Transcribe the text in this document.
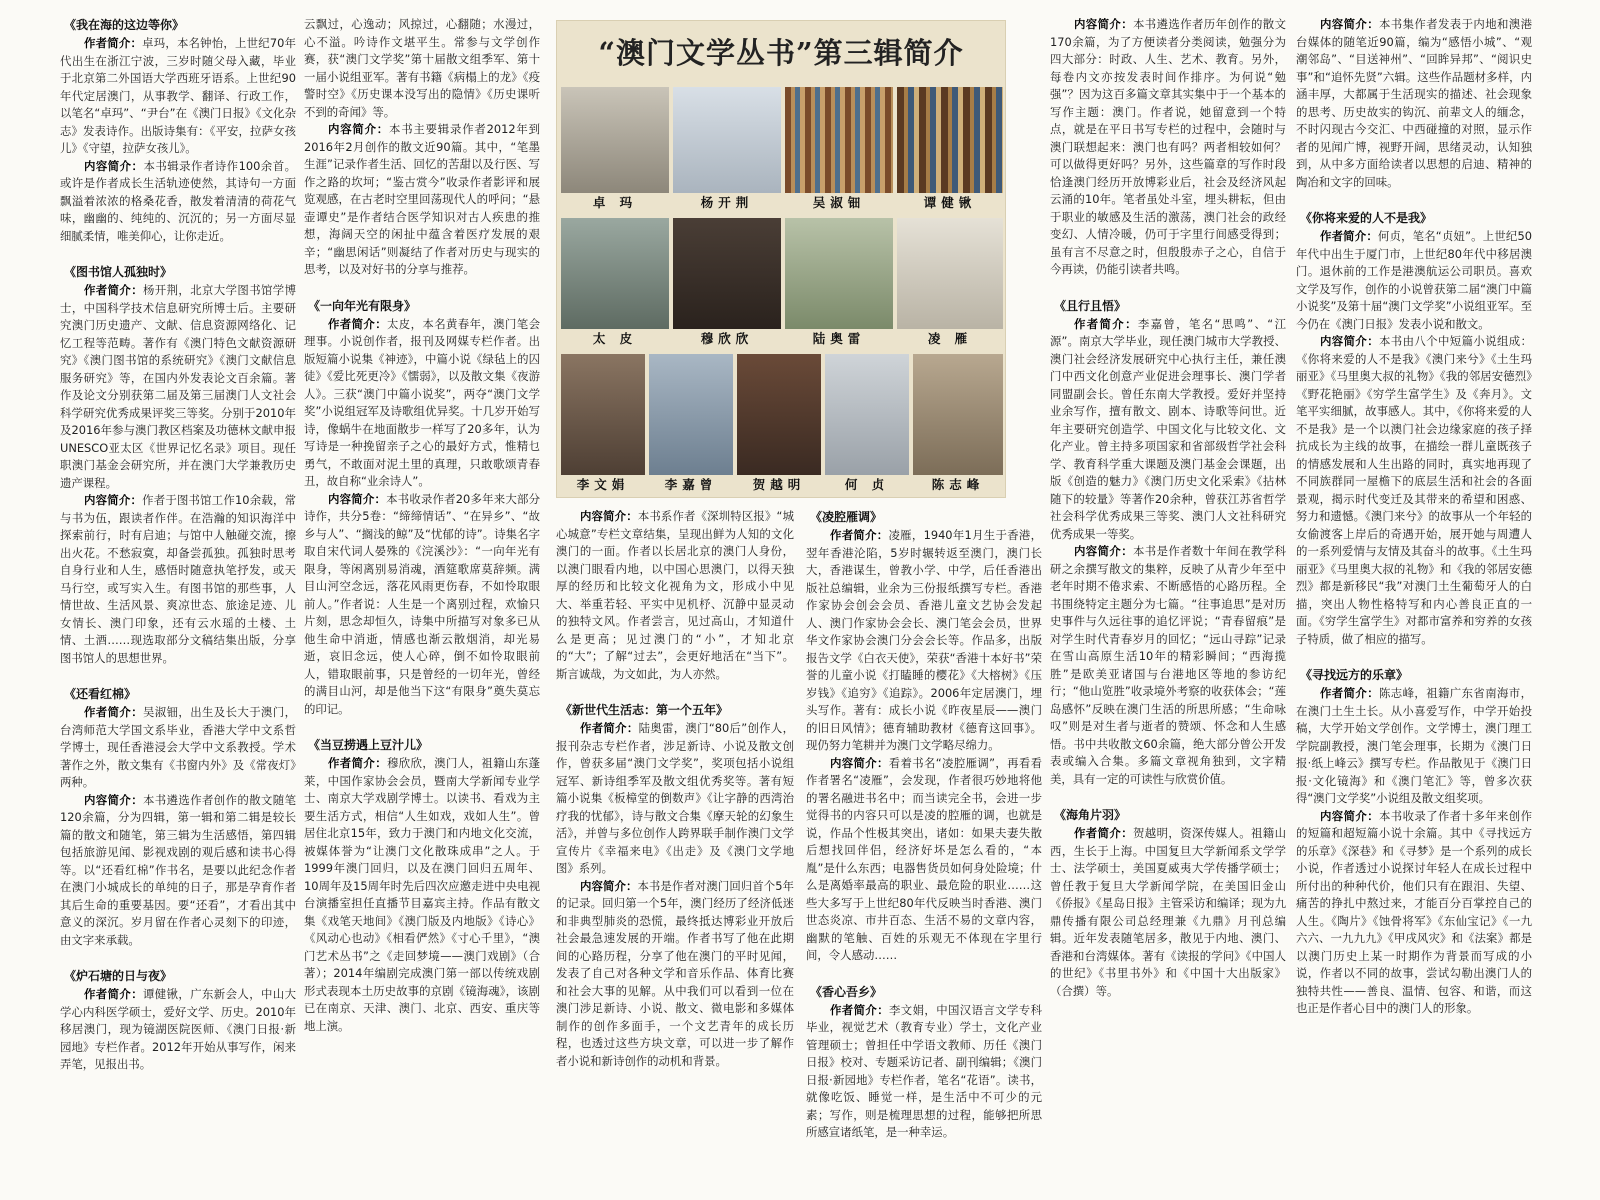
《我在海的这边等你》

作者简介：卓玛，本名钟怡，上世纪70年代出生在浙江宁波，三岁时随父母入藏，毕业于北京第二外国语大学西班牙语系。上世纪90年代定居澳门，从事教学、翻译、行政工作，以笔名“卓玛”、“尹台”在《澳门日报》《文化杂志》发表诗作。出版诗集有：《平安，拉萨女孩儿》《守望，拉萨女孩儿》。

内容简介：本书辑录作者诗作100余首。或许是作者成长生活轨迹使然，其诗句一方面飘溢着浓浓的格桑花香，散发着清清的荷花气味，幽幽的、纯纯的、沉沉的；另一方面尽显细腻柔情，唯美仰心，让你走近。

《图书馆人孤独时》

作者简介：杨开荆，北京大学图书馆学博士，中国科学技术信息研究所博士后。主要研究澳门历史遗产、文献、信息资源网络化、记忆工程等范畴。著作有《澳门特色文献资源研究》《澳门图书馆的系统研究》《澳门文献信息服务研究》等，在国内外发表论文百余篇。著作及论文分别获第二届及第三届澳门人文社会科学研究优秀成果评奖三等奖。分别于2010年及2016年参与澳门教区档案及功德林文献申报UNESCO亚太区《世界记忆名录》项目。现任职澳门基金会研究所，并在澳门大学兼教历史遗产课程。

内容简介：作者于图书馆工作10余载，常与书为伍，跟读者作伴。在浩瀚的知识海洋中探索前行，时有启迪；与馆中人触碰交流，擦出火花。不愁寂寞，却备尝孤独。孤独时思考自身行业和人生，感悟时随意执笔抒发，或天马行空，或写实入生。有图书馆的那些事，人情世故、生活风景、爽凉世态、旅途足迹、儿女情长、澳门印象，还有云水瑶的土楼、土情、土酒……现选取部分文稿结集出版，分享图书馆人的思想世界。

《还看红棉》

作者简介：吴淑钿，出生及长大于澳门，台湾师范大学国文系毕业，香港大学中文系哲学博士，现任香港浸会大学中文系教授。学术著作之外，散文集有《书窗内外》及《常夜灯》两种。

内容简介：本书遴选作者创作的散文随笔120余篇，分为四辑，第一辑和第二辑是较长篇的散文和随笔，第三辑为生活感悟，第四辑包括旅游见闻、影视戏剧的观后感和读书心得等。以“还看红棉”作书名，是要以此纪念作者在澳门小城成长的单纯的日子，那是孕育作者其后生命的重要基因。要“还看”，才看出其中意义的深沉。岁月留在作者心灵刻下的印迹，由文字来承载。

《炉石塘的日与夜》

作者简介：谭健锹，广东新会人，中山大学心内科医学硕士，爱好文学、历史。2010年移居澳门，现为镜湖医院医师、《澳门日报·新园地》专栏作者。2012年开始从事写作，闲来弄笔，见报出书。

云飘过，心逸动；风掠过，心翻随；水漫过，心不溢。吟诗作文堪平生。常参与文学创作赛，获“澳门文学奖”第十届散文组季军、第十一届小说组亚军。著有书籍《病榻上的龙》《疫警时空》《历史课本没写出的隐情》《历史课听不到的奇闻》等。

内容简介：本书主要辑录作者2012年到2016年2月创作的散文近90篇。其中，“笔墨生涯”记录作者生活、回忆的苦甜以及行医、写作之路的坎坷；“鉴古赏今”收录作者影评和展览观感，在古老时空里回荡现代人的呼问；“悬壶谭史”是作者结合医学知识对古人疾患的推想，海阔天空的闲扯中蕴含着医疗发展的艰辛；“幽思闲话”则凝结了作者对历史与现实的思考，以及对好书的分享与推荐。

《一向年光有限身》

作者简介：太皮，本名黄春年，澳门笔会理事。小说创作者，报刊及网媒专栏作者。出版短篇小说集《神迹》，中篇小说《绿毡上的囚徒》《爱比死更冷》《懦弱》，以及散文集《夜游人》。三获“澳门中篇小说奖”，两夺“澳门文学奖”小说组冠军及诗歌组优异奖。十几岁开始写诗，像蜗牛在地面散步一样写了20多年，认为写诗是一种挽留亲子之心的最好方式，惟精乜勇气，不敢面对泥土里的真理，只敢歌颂青春丑，故自称“业余诗人”。

内容简介：本书收录作者20多年来大部分诗作，共分5卷：“缔缔情话”、“在异乡”、“故乡与人”、“搁浅的鲸”及“忧郁的诗”。诗集名字取自宋代词人晏殊的《浣溪沙》：“一向年光有限身，等闲离别易消魂，酒筵歌席莫辞频。满目山河空念远，落花风雨更伤春，不如怜取眼前人。”作者说：人生是一个离别过程，欢愉只片刻，思念却恒久，诗集中所描写对象多已从他生命中消逝，情感也渐云散烟消，却光易逝，哀旧念远，使人心碎，倒不如怜取眼前人，错取眼前事，只是曾经的一切年光，曾经的满目山河，却是他当下这“有限身”奠失莫忘的印记。

《当豆捞遇上豆汁儿》

作者简介：穆欣欣，澳门人，祖籍山东蓬莱，中国作家协会会员，暨南大学新闻专业学士、南京大学戏剧学博士。以读书、看戏为主要生活方式，相信“人生如戏，戏如人生”。曾居住北京15年，致力于澳门和内地文化交流，被媒体誉为“让澳门文化散珠成串”之人。于1999年澳门回归，以及在澳门回归五周年、10周年及15周年时先后四次应邀走进中央电视台演播室担任直播节目嘉宾主持。作品有散文集《戏笔天地间》《澳门版及内地版》《诗心》《风动心也动》《相看俨然》《寸心千里》，“澳门艺术丛书”之《走回梦境——澳门戏剧》（合著）；2014年编剧完成澳门第一部以传统戏剧形式表现本土历史故事的京剧《镜海魂》，该剧已在南京、天津、澳门、北京、西安、重庆等地上演。

“澳门文学丛书”第三辑简介
卓 玛	杨开荆	吴淑钿	谭健锹
太 皮	穆欣欣	陆奥雷	凌 雁
李文娟	李嘉曾	贺越明	何 贞	陈志峰

内容简介：本书系作者《深圳特区报》“城心城意”专栏文章结集，呈现出鲜为人知的文化澳门的一面。作者以长居北京的澳门人身份，以澳门眼看内地，以中国心思澳门，以得天独厚的经历和比较文化视角为文，形成小中见大、举重若轻、平实中见机杼、沉静中显灵动的独特文风。作者尝言，见过高山，才知道什么是更高；见过澳门的“小”，才知北京的“大”；了解“过去”，会更好地活在“当下”。斯言诚哉，为文如此，为人亦然。

《新世代生活志：第一个五年》

作者简介：陆奥雷，澳门“80后”创作人，报刊杂志专栏作者，涉足新诗、小说及散文创作，曾获多届“澳门文学奖”，奖项包括小说组冠军、新诗组季军及散文组优秀奖等。著有短篇小说集《板樟堂的倒数声》《让字静的西湾治疗我的忧郁》，诗与散文合集《摩天轮的幻象生活》，并曾与多位创作人跨界联手制作澳门文学宣传片《幸福来电》《出走》及《澳门文学地图》系列。

内容简介：本书是作者对澳门回归首个5年的记录。回归第一个5年，澳门经历了经济低迷和非典型肺炎的恐慌，最终抵达博彩业开放后社会最急速发展的开端。作者书写了他在此期间的心路历程，分享了他在澳门的平时见闻，发表了自己对各种文学和音乐作品、体育比赛和社会大事的见解。从中我们可以看到一位在澳门涉足新诗、小说、散文、微电影和多媒体制作的创作多面手，一个文艺青年的成长历程，也透过这些方块文章，可以进一步了解作者小说和新诗创作的动机和背景。

《凌腔雁调》

作者简介：凌雁，1940年1月生于香港，翌年香港沦陷，5岁时辗转返至澳门，澳门长大，香港谋生，曾教小学、中学，后任香港出版社总编辑，业余为三份报纸撰写专栏。香港作家协会创会会员、香港儿童文艺协会发起人、澳门作家协会会长、澳门笔会会员，世界华文作家协会澳门分会会长等。作品多，出版报告文学《白衣天使》，荣获“香港十本好书”荣誉的儿童小说《打瞌睡的樱花》《大榕树》《压岁钱》《追穷》《追踪》。2006年定居澳门，埋头写作。著有：成长小说《昨夜星辰——澳门的旧日风情》；德育辅助教材《德育这回事》。现仍努力笔耕并为澳门文学略尽绵力。

内容简介：看着书名“凌腔雁调”，再看看作者署名“凌雁”，会发现，作者很巧妙地将他的署名融进书名中；而当读完全书，会进一步觉得书的内容只可以是凌的腔雁的调，也就是说，作品个性极其突出，诸如：如果夫妻失散后想找回伴侣，经济好坏是怎么看的，“本胤”是什么东西；电器售货员如何身处险境；什么是离婚率最高的职业、最危险的职业……这些大多写于上世纪80年代反映当时香港、澳门世态炎凉、市井百态、生活不易的文章内容，幽默的笔触、百姓的乐观无不体现在字里行间，令人感动……

《香心吾乡》

作者简介：李文娟，中国汉语言文学专科毕业，视觉艺术（教育专业）学士，文化产业管理硕士；曾担任中学语文教师、历任《澳门日报》校对、专题采访记者、副刊编辑；《澳门日报·新园地》专栏作者，笔名“花语”。读书，就像吃饭、睡觉一样，是生活中不可少的元素；写作，则是梳理思想的过程，能够把所思所感宣诸纸笔，是一种幸运。

内容简介：本书遴选作者历年创作的散文170余篇，为了方便读者分类阅读，勉强分为四大部分：时政、人生、艺术、教育。另外，每卷内文亦按发表时间作排序。为何说“勉强”？因为这百多篇文章其实集中于一个基本的写作主题：澳门。作者说，她留意到一个特点，就是在平日书写专栏的过程中，会随时与澳门联想起来：澳门也有吗？两者相较如何？可以做得更好吗？另外，这些篇章的写作时段恰逢澳门经历开放博彩业后，社会及经济风起云涌的10年。笔者虽处斗室，埋头耕耘，但由于职业的敏感及生活的激荡，澳门社会的政经变幻、人情冷暖，仍可于字里行间感受得到；虽有言不尽意之时，但殷殷赤子之心，自信于今再读，仍能引读者共鸣。

《且行且悟》

作者简介：李嘉曾，笔名“思鸣”、“江源”。南京大学毕业，现任澳门城市大学教授、澳门社会经济发展研究中心执行主任，兼任澳门中西文化创意产业促进会理事长、澳门学者同盟副会长。曾任东南大学教授。爱好并坚持业余写作，擅有散文、剧本、诗歌等问世。近年主要研究创造学、中国文化与比较文化、文化产业。曾主持多项国家和省部级哲学社会科学、教育科学重大课题及澳门基金会课题，出版《创造的魅力》《澳门历史文化采索》《拈林随下的较量》等著作20余种，曾获江苏省哲学社会科学优秀成果三等奖、澳门人文社科研究优秀成果一等奖。

内容简介：本书是作者数十年间在教学科研之余撰写散文的集粹，反映了从青少年至中老年时期不倦求索、不断感悟的心路历程。全书围绕特定主题分为七篇。“往事追思”是对历史事件与久远往事的追忆评说；“青春留痕”是对学生时代青春岁月的回忆；“远山寻踪”记录在雪山高原生活10年的精彩瞬间；“西海揽胜”是欧美亚诸国与台港地区等地的参访纪行；“他山览胜”收录境外考察的收获体会；“莲岛感怀”反映在澳门生活的所思所感；“生命咏叹”则是对生者与逝者的赞颂、怀念和人生感悟。书中共收散文60余篇，绝大部分曾公开发表或编入合集。多篇文章视角独到，文字精美，具有一定的可读性与欣赏价值。

《海角片羽》

作者简介：贺越明，资深传媒人。祖籍山西，生长于上海。中国复旦大学新闻系文学学士、法学硕士，美国夏威夷大学传播学硕士；曾任教于复旦大学新闻学院，在美国旧金山《侨报》《星岛日报》主管采访和编译；现为九鼎传播有限公司总经理兼《九鼎》月刊总编辑。近年发表随笔居多，散见于内地、澳门、香港和台湾媒体。著有《读报的学问》《中国人的世纪》《书里书外》和《中国十大出版家》（合撰）等。

内容简介：本书集作者发表于内地和澳港台媒体的随笔近90篇，编为“感悟小城”、“观潮邻岛”、“目送神州”、“回眸异邦”、“阅识史事”和“追怀先贤”六辑。这些作品题材多样，内涵丰厚，大都属于生活现实的描述、社会现象的思考、历史故实的钩沉、前辈文人的缅念，不时闪现古今交汇、中西碰撞的对照，显示作者的见闻广博，视野开阔，思绪灵动，认知独到，从中多方面给读者以思想的启迪、精神的陶冶和文字的回味。

《你将来爱的人不是我》

作者简介：何贞，笔名“贞妞”。上世纪50年代中出生于厦门市，上世纪80年代中移居澳门。退休前的工作是港澳航运公司职员。喜欢文学及写作，创作的小说曾获第二届“澳门中篇小说奖”及第十届“澳门文学奖”小说组亚军。至今仍在《澳门日报》发表小说和散文。

内容简介：本书由八个中短篇小说组成：《你将来爱的人不是我》《澳门来兮》《土生玛丽亚》《马里奥大叔的礼物》《我的邻居安德烈》《野花艳丽》《穷学生富学生》及《奔月》。文笔平实细腻，故事感人。其中，《你将来爱的人不是我》是一个以澳门社会边缘家庭的孩子择抗成长为主线的故事，在描绘一群儿童既孩子的情感发展和人生出路的同时，真实地再现了不同族群同一屋檐下的底层生活和社会的各面景观，揭示时代变迁及其带来的希望和困惑、努力和遗憾。《澳门来兮》的故事从一个年轻的女偷渡客上岸后的奇遇开始，展开她与周遭人的一系列爱情与友情及其奋斗的故事。《土生玛丽亚》《马里奥大叔的礼物》和《我的邻居安德烈》都是新移民“我”对澳门土生葡萄牙人的白描，突出人物性格特写和内心善良正直的一面。《穷学生富学生》对都市富养和穷养的女孩子特质，做了相应的描写。

《寻找远方的乐章》

作者简介：陈志峰，祖籍广东省南海市，在澳门土生土长。从小喜爱写作，中学开始投稿，大学开始文学创作。文学博士，澳门理工学院副教授，澳门笔会理事，长期为《澳门日报·纸上峰云》撰写专栏。作品散见于《澳门日报·文化镜海》和《澳门笔汇》等，曾多次获得“澳门文学奖”小说组及散文组奖项。

内容简介：本书收录了作者十多年来创作的短篇和超短篇小说十余篇。其中《寻找远方的乐章》《深巷》和《寻梦》是一个系列的成长小说，作者透过小说探讨年轻人在成长过程中所付出的种种代价，他们只有在跟泪、失望、痛苦的挣扎中熬过来，才能百分百掌控自己的人生。《陶片》《蚀骨将军》《东仙宝记》《一九六六、一九九九》《甲戌风灾》和《法案》都是以澳门历史上某一时期作为背景而写成的小说，作者以不同的故事，尝试勾勒出澳门人的独特共性——善良、温情、包容、和谐，而这也正是作者心目中的澳门人的形象。
